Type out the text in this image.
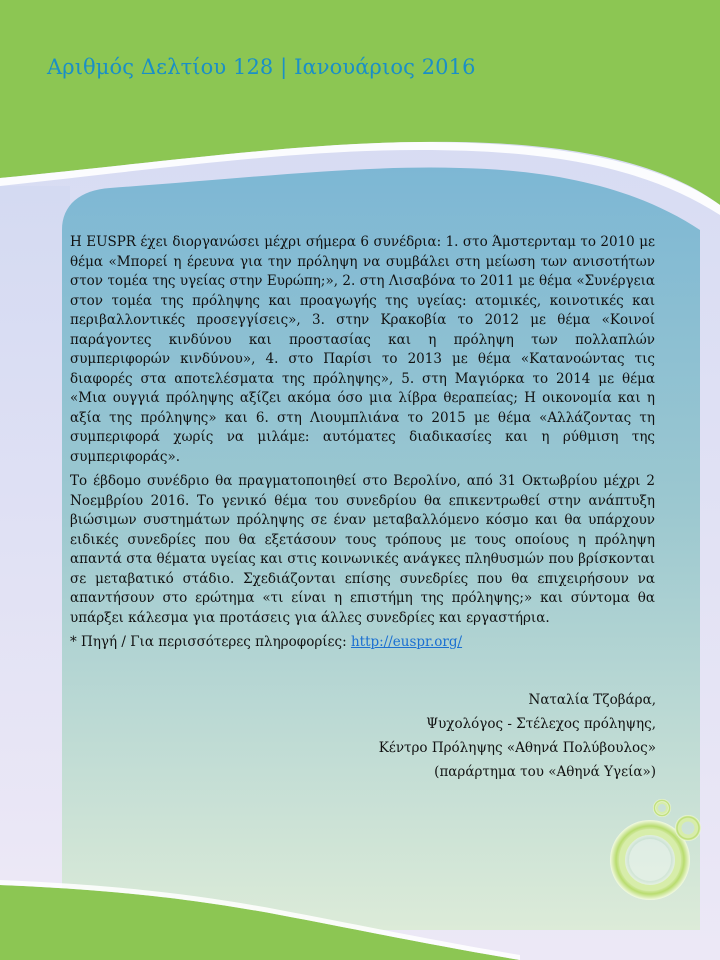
Αριθμός Δελτίου 128 | Ιανουάριος 2016

Η EUSPR έχει διοργανώσει μέχρι σήμερα 6 συνέδρια: 1. στο Άμστερνταμ το 2010 με θέμα «Μπορεί η έρευνα για την πρόληψη να συμβάλει στη μείωση των ανισοτήτων στον τομέα της υγείας στην Ευρώπη;», 2. στη Λισαβόνα το 2011 με θέμα «Συνέργεια στον τομέα της πρόληψης και προαγωγής της υγείας: ατομικές, κοινοτικές και περιβαλλοντικές προσεγγίσεις», 3. στην Κρακοβία το 2012 με θέμα «Κοινοί παράγοντες κινδύνου και προστασίας και η πρόληψη των πολλαπλών συμπεριφορών κινδύνου», 4. στο Παρίσι το 2013 με θέμα «Κατανοώντας τις διαφορές στα αποτελέσματα της πρόληψης», 5. στη Μαγιόρκα το 2014 με θέμα «Μια ουγγιά πρόληψης αξίζει ακόμα όσο μια λίβρα θεραπείας; Η οικονομία και η αξία της πρόληψης» και 6. στη Λιουμπλιάνα το 2015 με θέμα «Αλλάζοντας τη συμπεριφορά χωρίς να μιλάμε: αυτόματες διαδικασίες και η ρύθμιση της συμπεριφοράς».

Το έβδομο συνέδριο θα πραγματοποιηθεί στο Βερολίνο, από 31 Οκτωβρίου μέχρι 2 Νοεμβρίου 2016. Το γενικό θέμα του συνεδρίου θα επικεντρωθεί στην ανάπτυξη βιώσιμων συστημάτων πρόληψης σε έναν μεταβαλλόμενο κόσμο και θα υπάρχουν ειδικές συνεδρίες που θα εξετάσουν τους τρόπους με τους οποίους η πρόληψη απαντά στα θέματα υγείας και στις κοινωνικές ανάγκες πληθυσμών που βρίσκονται σε μεταβατικό στάδιο. Σχεδιάζονται επίσης συνεδρίες που θα επιχειρήσουν να απαντήσουν στο ερώτημα «τι είναι η επιστήμη της πρόληψης;» και σύντομα θα υπάρξει κάλεσμα για προτάσεις για άλλες συνεδρίες και εργαστήρια.

* Πηγή / Για περισσότερες πληροφορίες: http://euspr.org/

Ναταλία Τζοβάρα,
Ψυχολόγος - Στέλεχος πρόληψης,
Κέντρο Πρόληψης «Αθηνά Πολύβουλος»
(παράρτημα του «Αθηνά Υγεία»)
